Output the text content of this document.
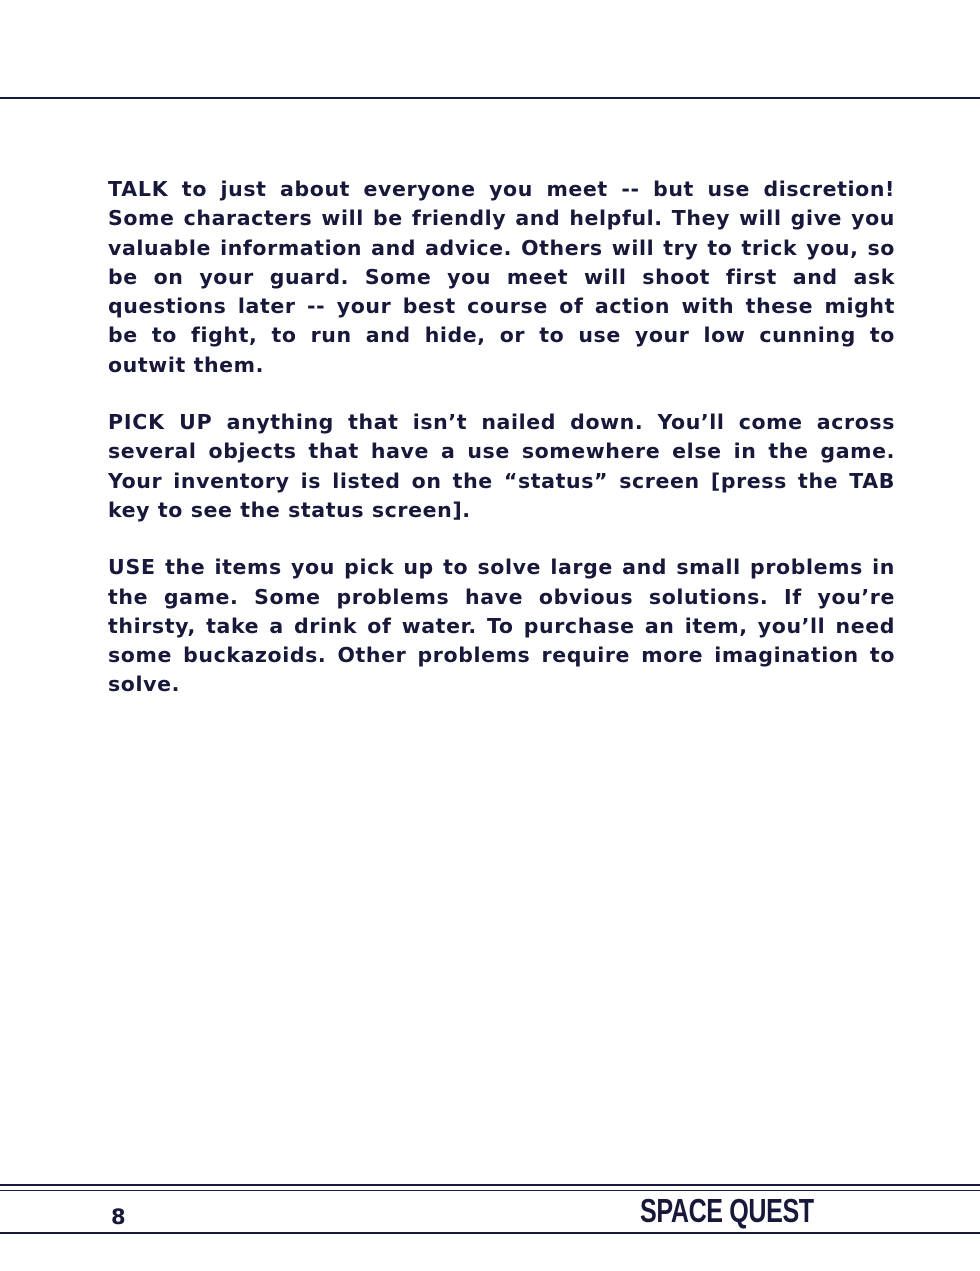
TALK to just about everyone you meet -- but use discretion! Some characters will be friendly and helpful. They will give you valuable information and advice. Others will try to trick you, so be on your guard. Some you meet will shoot first and ask questions later -- your best course of action with these might be to fight, to run and hide, or to use your low cunning to outwit them.

PICK UP anything that isn’t nailed down. You’ll come across several objects that have a use somewhere else in the game. Your inventory is listed on the “status” screen [press the TAB key to see the status screen].

USE the items you pick up to solve large and small problems in the game. Some problems have obvious solutions. If you’re thirsty, take a drink of water. To purchase an item, you’ll need some buckazoids. Other problems require more imagination to solve.

8	SPACE QUEST
